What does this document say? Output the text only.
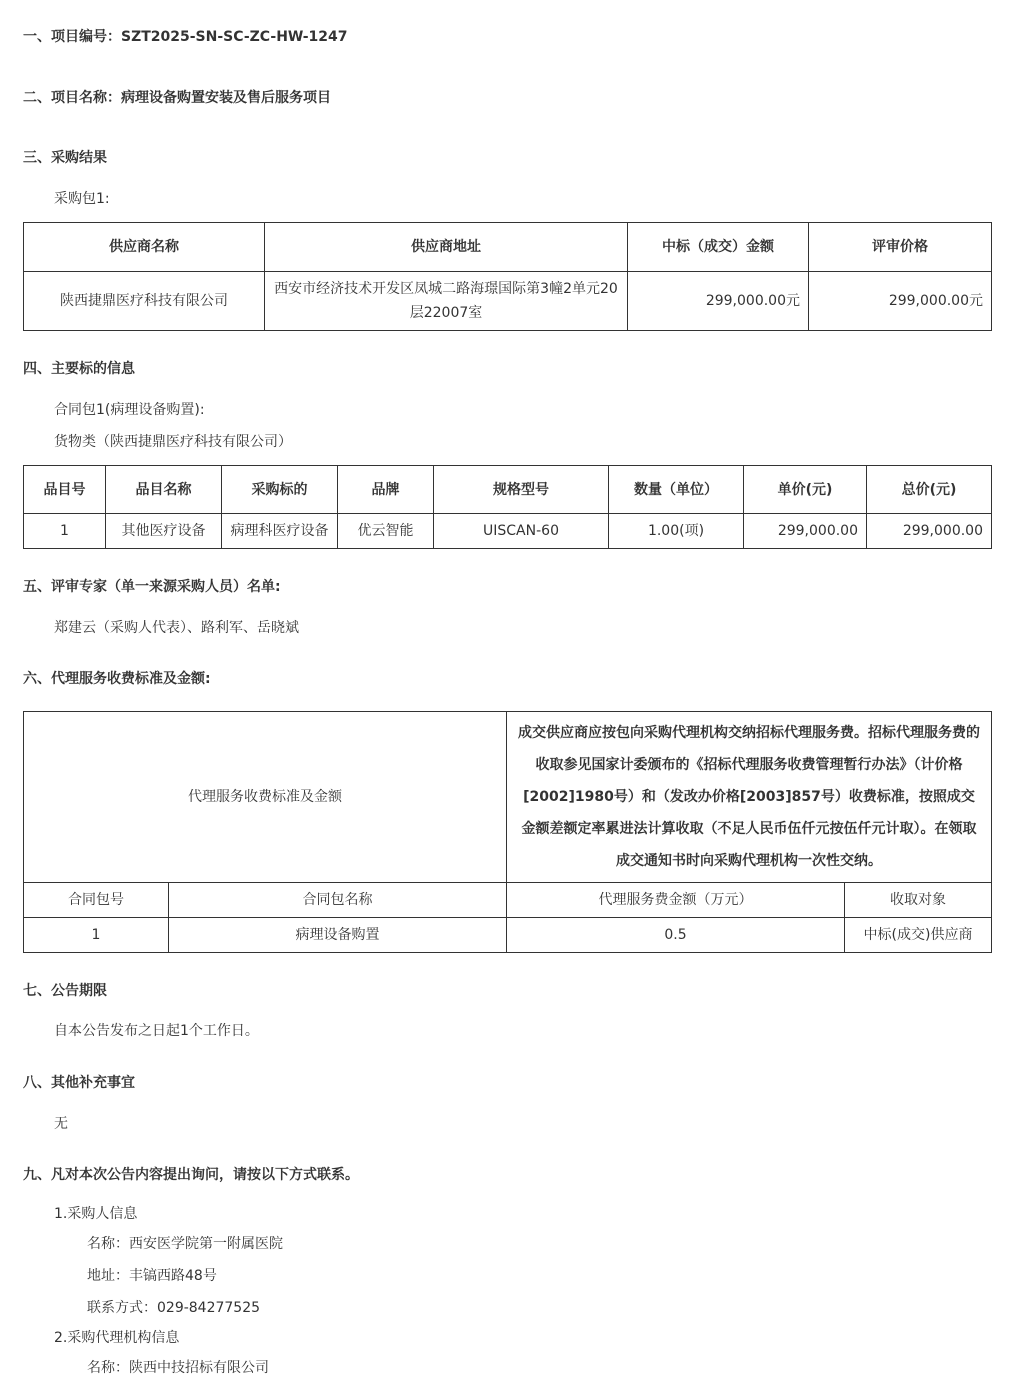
一、项目编号：SZT2025-SN-SC-ZC-HW-1247
二、项目名称：病理设备购置安装及售后服务项目
三、采购结果
采购包1:
供应商名称	供应商地址	中标（成交）金额	评审价格
陕西捷鼎医疗科技有限公司	西安市经济技术开发区凤城二路海璟国际第3幢2单元20层22007室	299,000.00元	299,000.00元
四、主要标的信息
合同包1(病理设备购置):
货物类（陕西捷鼎医疗科技有限公司）
品目号	品目名称	采购标的	品牌	规格型号	数量（单位）	单价(元)	总价(元)
1	其他医疗设备	病理科医疗设备	优云智能	UISCAN-60	1.00(项)	299,000.00	299,000.00
五、评审专家（单一来源采购人员）名单:
郑建云（采购人代表）、路利军、岳晓斌
六、代理服务收费标准及金额:
代理服务收费标准及金额		成交供应商应按包向采购代理机构交纳招标代理服务费。招标代理服务费的收取参见国家计委颁布的《招标代理服务收费管理暂行办法》（计价格[2002]1980号）和（发改办价格[2003]857号）收费标准，按照成交金额差额定率累进法计算收取（不足人民币伍仟元按伍仟元计取）。在领取成交通知书时向采购代理机构一次性交纳。	
合同包号	合同包名称	代理服务费金额（万元）	收取对象
1	病理设备购置	0.5	中标(成交)供应商
七、公告期限
自本公告发布之日起1个工作日。
八、其他补充事宜
无
九、凡对本次公告内容提出询问，请按以下方式联系。
1.采购人信息
名称：西安医学院第一附属医院
地址：丰镐西路48号
联系方式：029-84277525
2.采购代理机构信息
名称：陕西中技招标有限公司
